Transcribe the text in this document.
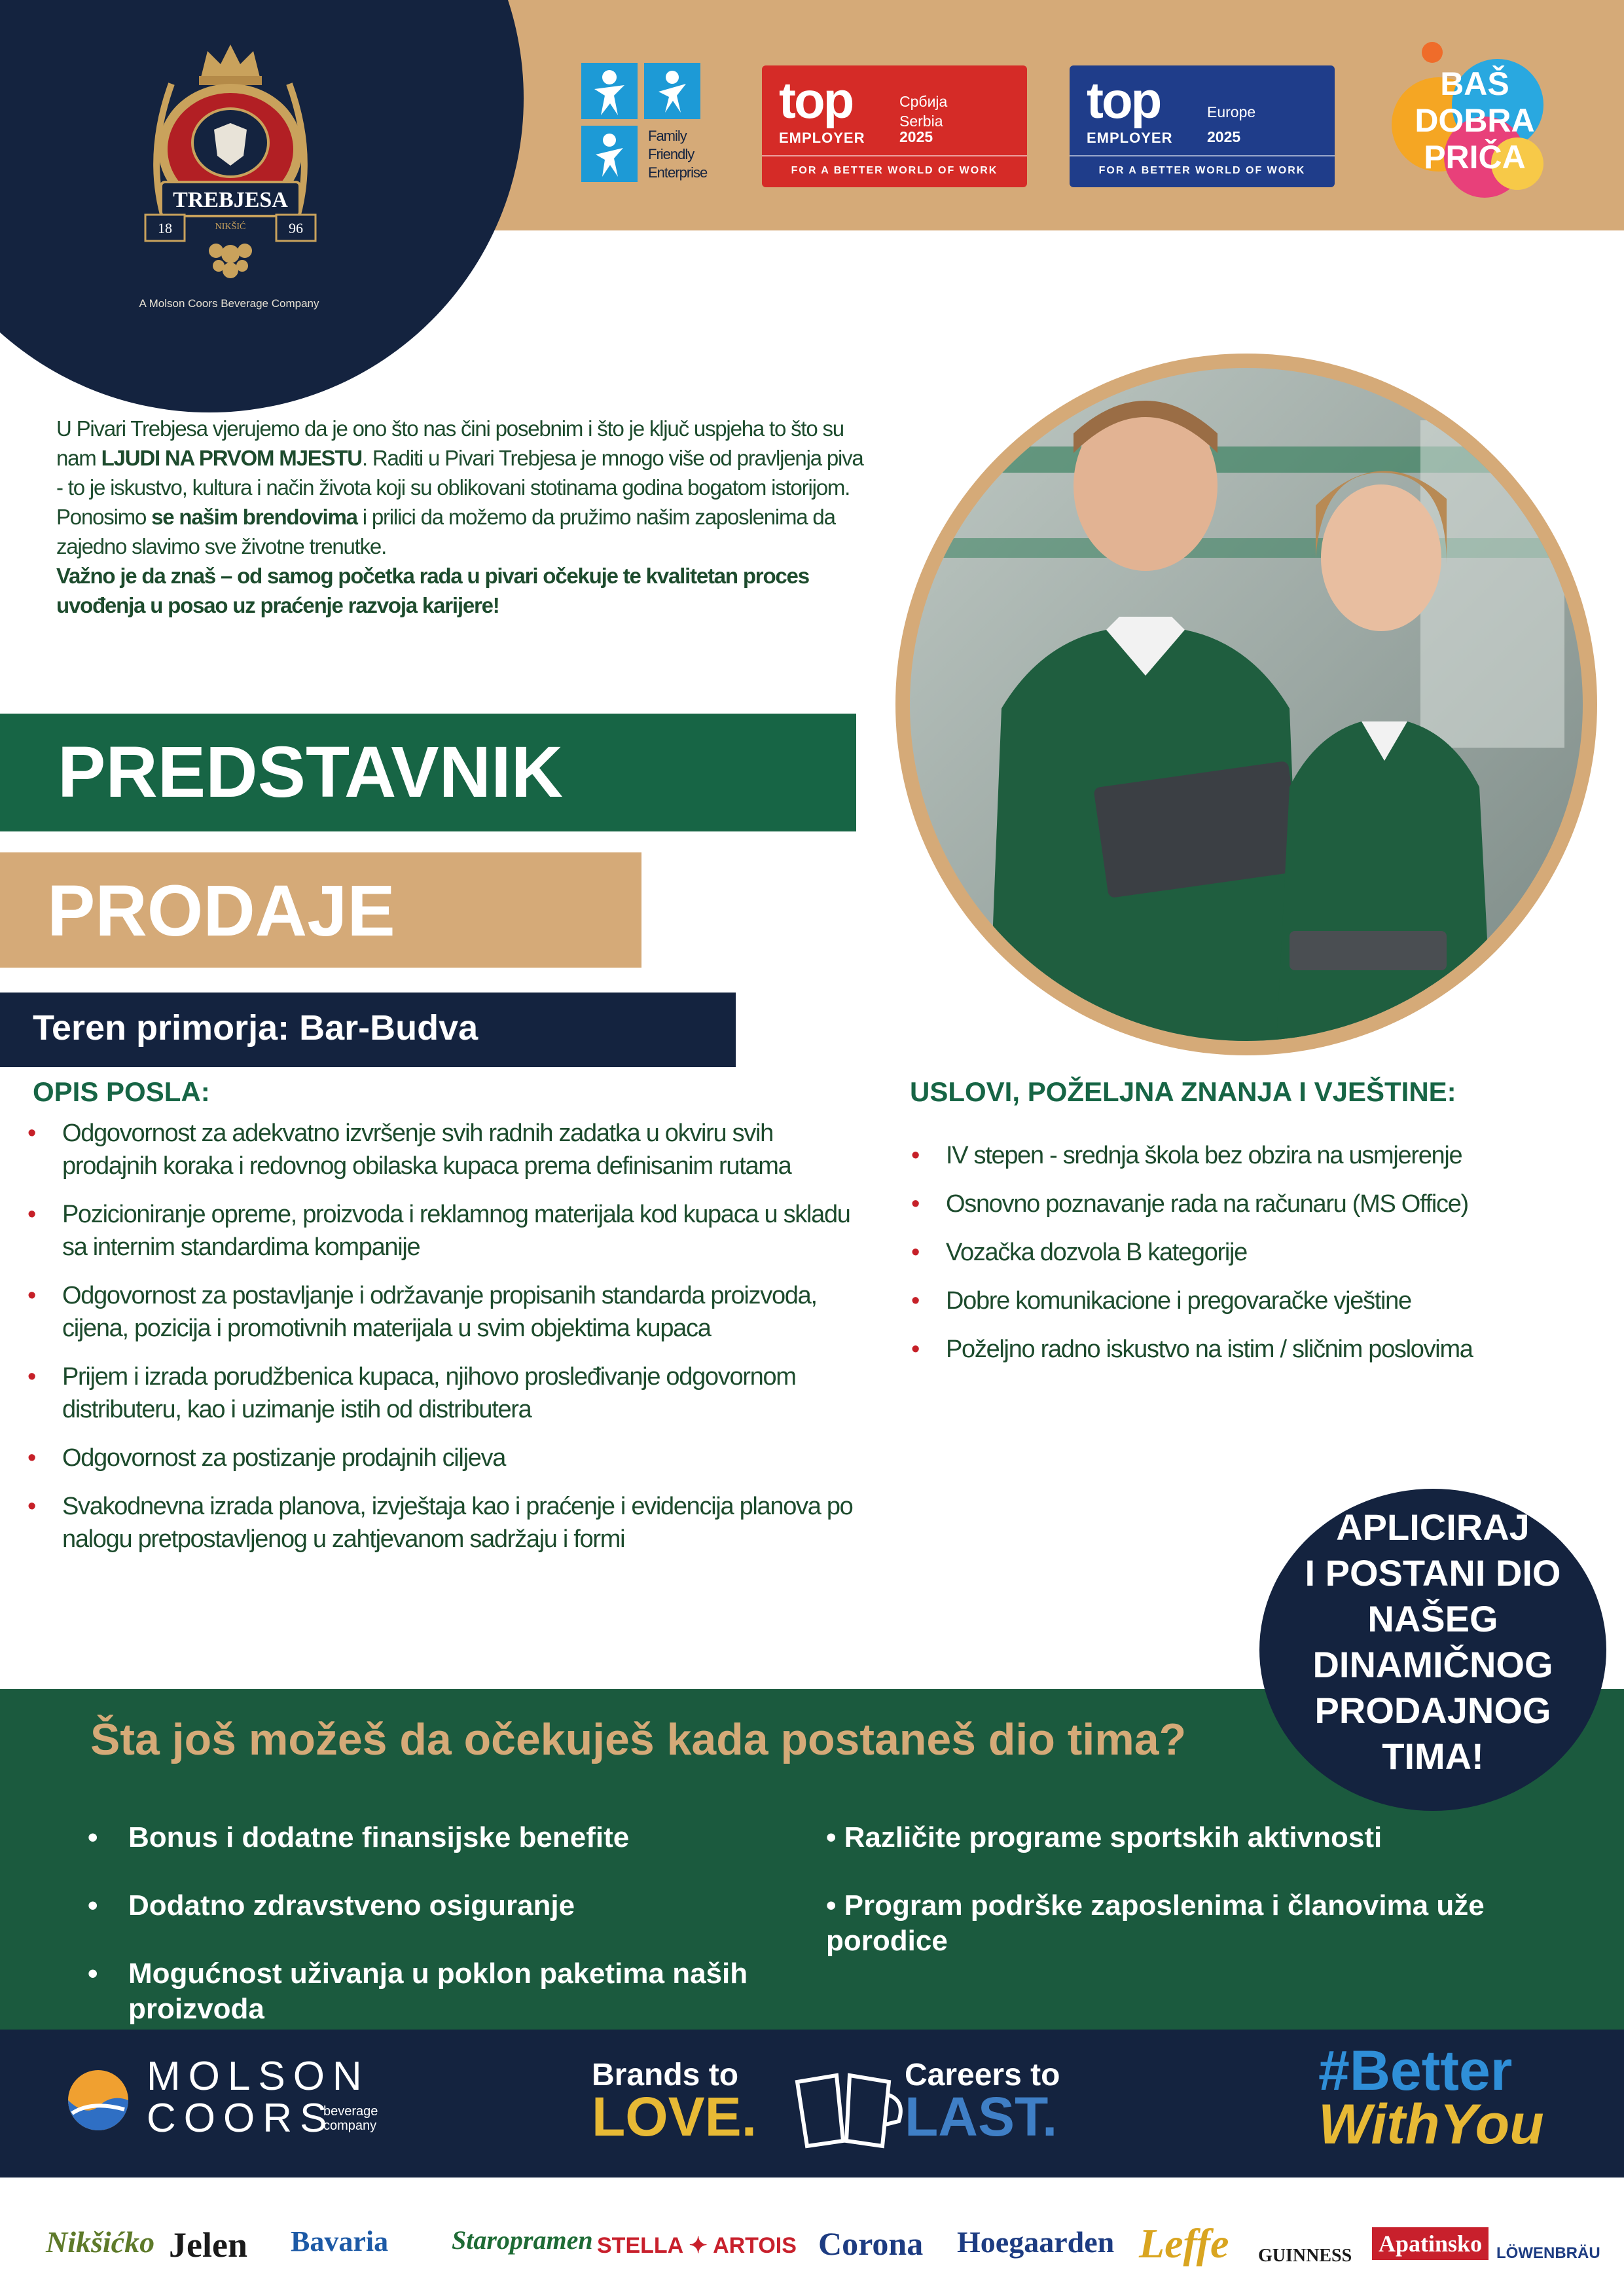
TREBJESA
18	96
NIKŠIĆ
A Molson Coors Beverage Company
Family
Friendly
Enterprise
top
EMPLOYER
Србија
Serbia
2025
FOR A BETTER WORLD OF WORK
top
EMPLOYER
Europe
2025
FOR A BETTER WORLD OF WORK
BAŠ
DOBRA
PRIČA
U Pivari Trebjesa vjerujemo da je ono što nas čini posebnim i što je ključ uspjeha to što su nam LJUDI NA PRVOM MJESTU. Raditi u Pivari Trebjesa je mnogo više od pravljenja piva - to je iskustvo, kultura i način života koji su oblikovani stotinama godina bogatom istorijom. Ponosimo se našim brendovima i prilici da možemo da pružimo našim zaposlenima da zajedno slavimo sve životne trenutke.
Važno je da znaš – od samog početka rada u pivari očekuje te kvalitetan proces uvođenja u posao uz praćenje razvoja karijere!
PREDSTAVNIK
PRODAJE
Teren primorja: Bar-Budva
OPIS POSLA:
• Odgovornost za adekvatno izvršenje svih radnih zadatka u okviru svih prodajnih koraka i redovnog obilaska kupaca prema definisanim rutama
• Pozicioniranje opreme, proizvoda i reklamnog materijala kod kupaca u skladu sa internim standardima kompanije
• Odgovornost za postavljanje i održavanje propisanih standarda proizvoda, cijena, pozicija i promotivnih materijala u svim objektima kupaca
• Prijem i izrada porudžbenica kupaca, njihovo prosleđivanje odgovornom distributeru, kao i uzimanje istih od distributera
• Odgovornost za postizanje prodajnih ciljeva
• Svakodnevna izrada planova, izvještaja kao i praćenje i evidencija planova po nalogu pretpostavljenog u zahtjevanom sadržaju i formi
USLOVI, POŽELJNA ZNANJA I VJEŠTINE:
• IV stepen - srednja škola bez obzira na usmjerenje
• Osnovno poznavanje rada na računaru (MS Office)
• Vozačka dozvola B kategorije
• Dobre komunikacione i pregovaračke vještine
• Poželjno radno iskustvo na istim / sličnim poslovima
Šta još možeš da očekuješ kada postaneš dio tima?
• Bonus i dodatne finansijske benefite
• Dodatno zdravstveno osiguranje
• Mogućnost uživanja u poklon paketima naših proizvoda
• Različite programe sportskih aktivnosti
• Program podrške zaposlenima i članovima uže porodice
APLICIRAJ
I POSTANI DIO
NAŠEG
DINAMIČNOG
PRODAJNOG
TIMA!
MOLSON
COORS
beverage
company
Brands to
LOVE.
Careers to
LAST.
#Better
WithYou
Nikšićko Jelen Bavaria Staropramen STELLA ✦ ARTOIS Corona Hoegaarden Leffe GUINNESS Apatinsko LÖWENBRÄU
